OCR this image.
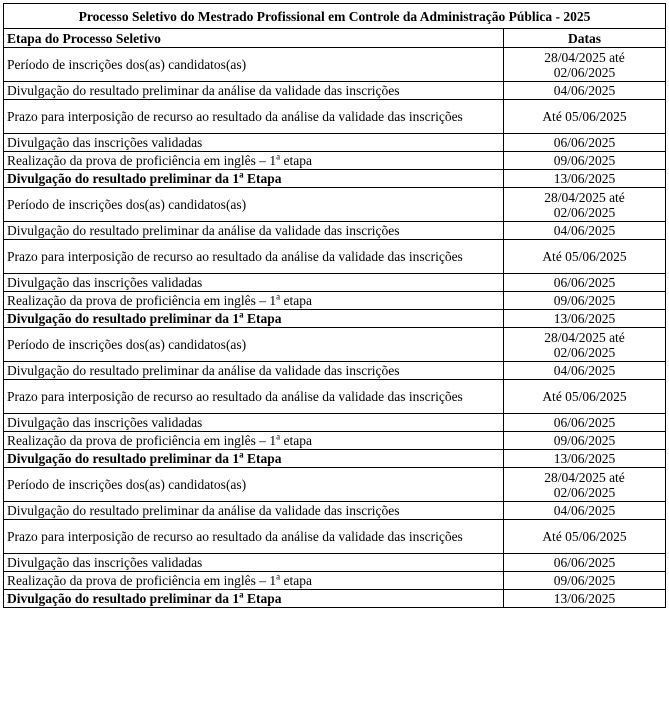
Processo Seletivo do Mestrado Profissional em Controle da Administração Pública - 2025	
Etapa do Processo Seletivo	Datas
Período de inscrições dos(as) candidatos(as)	28/04/2025 até
02/06/2025
Divulgação do resultado preliminar da análise da validade das inscrições	04/06/2025
Prazo para interposição de recurso ao resultado da análise da validade das inscrições	Até 05/06/2025
Divulgação das inscrições validadas	06/06/2025
Realização da prova de proficiência em inglês – 1$^a$ etapa	09/06/2025
Divulgação do resultado preliminar da 1$^a$ Etapa	13/06/2025
Período de inscrições dos(as) candidatos(as)	28/04/2025 até
02/06/2025
Divulgação do resultado preliminar da análise da validade das inscrições	04/06/2025
Prazo para interposição de recurso ao resultado da análise da validade das inscrições	Até 05/06/2025
Divulgação das inscrições validadas	06/06/2025
Realização da prova de proficiência em inglês – 1$^a$ etapa	09/06/2025
Divulgação do resultado preliminar da 1$^a$ Etapa	13/06/2025
Período de inscrições dos(as) candidatos(as)	28/04/2025 até
02/06/2025
Divulgação do resultado preliminar da análise da validade das inscrições	04/06/2025
Prazo para interposição de recurso ao resultado da análise da validade das inscrições	Até 05/06/2025
Divulgação das inscrições validadas	06/06/2025
Realização da prova de proficiência em inglês – 1$^a$ etapa	09/06/2025
Divulgação do resultado preliminar da 1$^a$ Etapa	13/06/2025
Período de inscrições dos(as) candidatos(as)	28/04/2025 até
02/06/2025
Divulgação do resultado preliminar da análise da validade das inscrições	04/06/2025
Prazo para interposição de recurso ao resultado da análise da validade das inscrições	Até 05/06/2025
Divulgação das inscrições validadas	06/06/2025
Realização da prova de proficiência em inglês – 1$^a$ etapa	09/06/2025
Divulgação do resultado preliminar da 1$^a$ Etapa	13/06/2025
